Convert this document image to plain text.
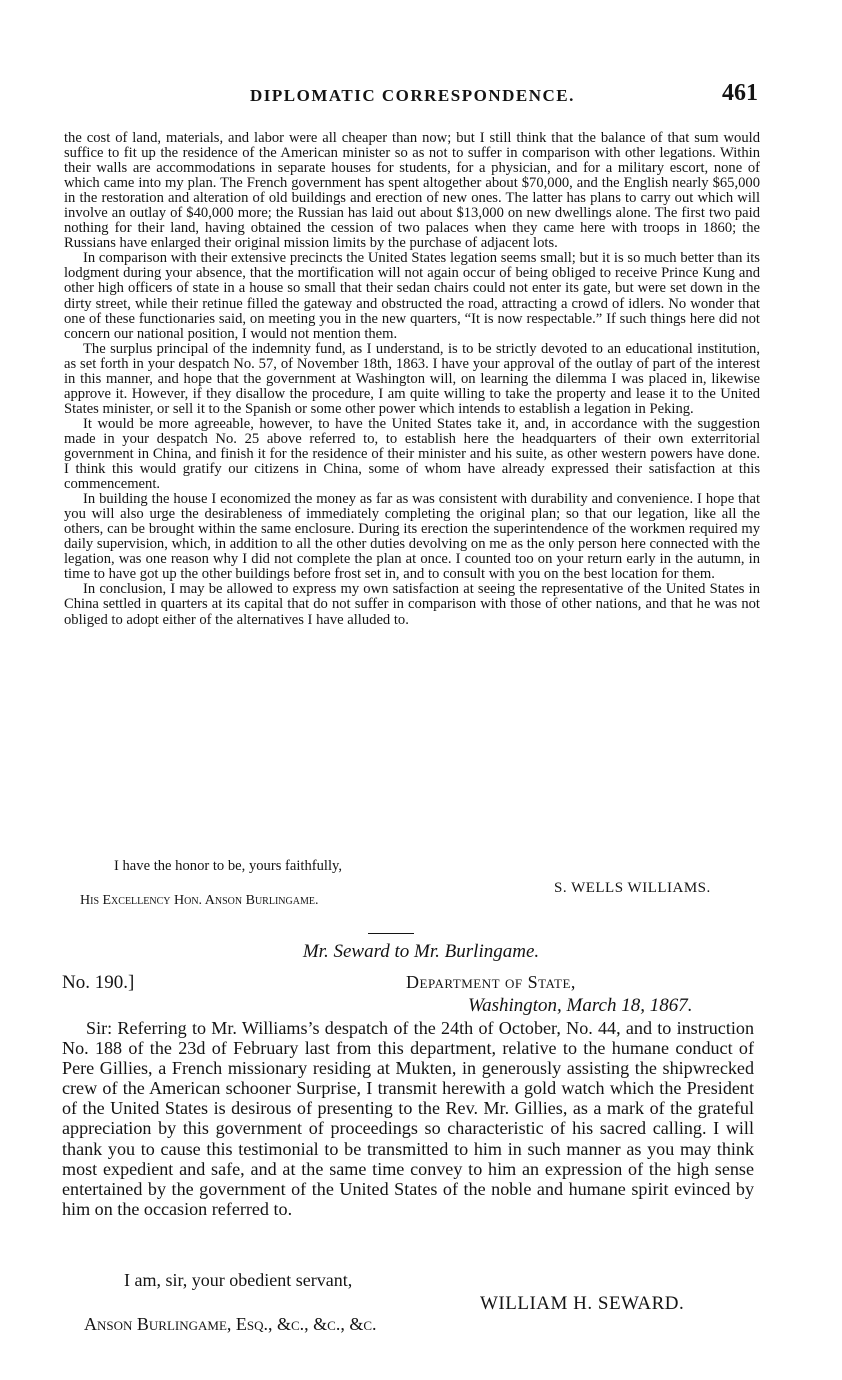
DIPLOMATIC CORRESPONDENCE.	461

the cost of land, materials, and labor were all cheaper than now; but I still think that the balance of that sum would suffice to fit up the residence of the American minister so as not to suffer in comparison with other legations. Within their walls are accommodations in separate houses for students, for a physician, and for a military escort, none of which came into my plan. The French government has spent altogether about $70,000, and the English nearly $65,000 in the restoration and alteration of old buildings and erection of new ones. The latter has plans to carry out which will involve an outlay of $40,000 more; the Russian has laid out about $13,000 on new dwellings alone. The first two paid nothing for their land, having obtained the cession of two palaces when they came here with troops in 1860; the Russians have enlarged their original mission limits by the purchase of adjacent lots.

In comparison with their extensive precincts the United States legation seems small; but it is so much better than its lodgment during your absence, that the mortification will not again occur of being obliged to receive Prince Kung and other high officers of state in a house so small that their sedan chairs could not enter its gate, but were set down in the dirty street, while their retinue filled the gateway and obstructed the road, attracting a crowd of idlers. No wonder that one of these functionaries said, on meeting you in the new quarters, “It is now respectable.” If such things here did not concern our national position, I would not mention them.

The surplus principal of the indemnity fund, as I understand, is to be strictly devoted to an educational institution, as set forth in your despatch No. 57, of November 18th, 1863. I have your approval of the outlay of part of the interest in this manner, and hope that the government at Washington will, on learning the dilemma I was placed in, likewise approve it. However, if they disallow the procedure, I am quite willing to take the property and lease it to the United States minister, or sell it to the Spanish or some other power which intends to establish a legation in Peking.

It would be more agreeable, however, to have the United States take it, and, in accordance with the suggestion made in your despatch No. 25 above referred to, to establish here the headquarters of their own exterritorial government in China, and finish it for the residence of their minister and his suite, as other western powers have done. I think this would gratify our citizens in China, some of whom have already expressed their satisfaction at this commencement.

In building the house I economized the money as far as was consistent with durability and convenience. I hope that you will also urge the desirableness of immediately completing the original plan; so that our legation, like all the others, can be brought within the same enclosure. During its erection the superintendence of the workmen required my daily supervision, which, in addition to all the other duties devolving on me as the only person here connected with the legation, was one reason why I did not complete the plan at once. I counted too on your return early in the autumn, in time to have got up the other buildings before frost set in, and to consult with you on the best location for them.

In conclusion, I may be allowed to express my own satisfaction at seeing the representative of the United States in China settled in quarters at its capital that do not suffer in comparison with those of other nations, and that he was not obliged to adopt either of the alternatives I have alluded to.

I have the honor to be, yours faithfully,
S. WELLS WILLIAMS.
His Excellency Hon. Anson Burlingame.
Mr. Seward to Mr. Burlingame.
No. 190.]	Department of State,
Washington, March 18, 1867.

Sir: Referring to Mr. Williams’s despatch of the 24th of October, No. 44, and to instruction No. 188 of the 23d of February last from this department, relative to the humane conduct of Pere Gillies, a French missionary residing at Mukten, in generously assisting the shipwrecked crew of the American schooner Surprise, I transmit herewith a gold watch which the President of the United States is desirous of presenting to the Rev. Mr. Gillies, as a mark of the grateful appreciation by this government of proceedings so characteristic of his sacred calling. I will thank you to cause this testimonial to be transmitted to him in such manner as you may think most expedient and safe, and at the same time convey to him an expression of the high sense entertained by the government of the United States of the noble and humane spirit evinced by him on the occasion referred to.

I am, sir, your obedient servant,
WILLIAM H. SEWARD.
Anson Burlingame, Esq., &c., &c., &c.
